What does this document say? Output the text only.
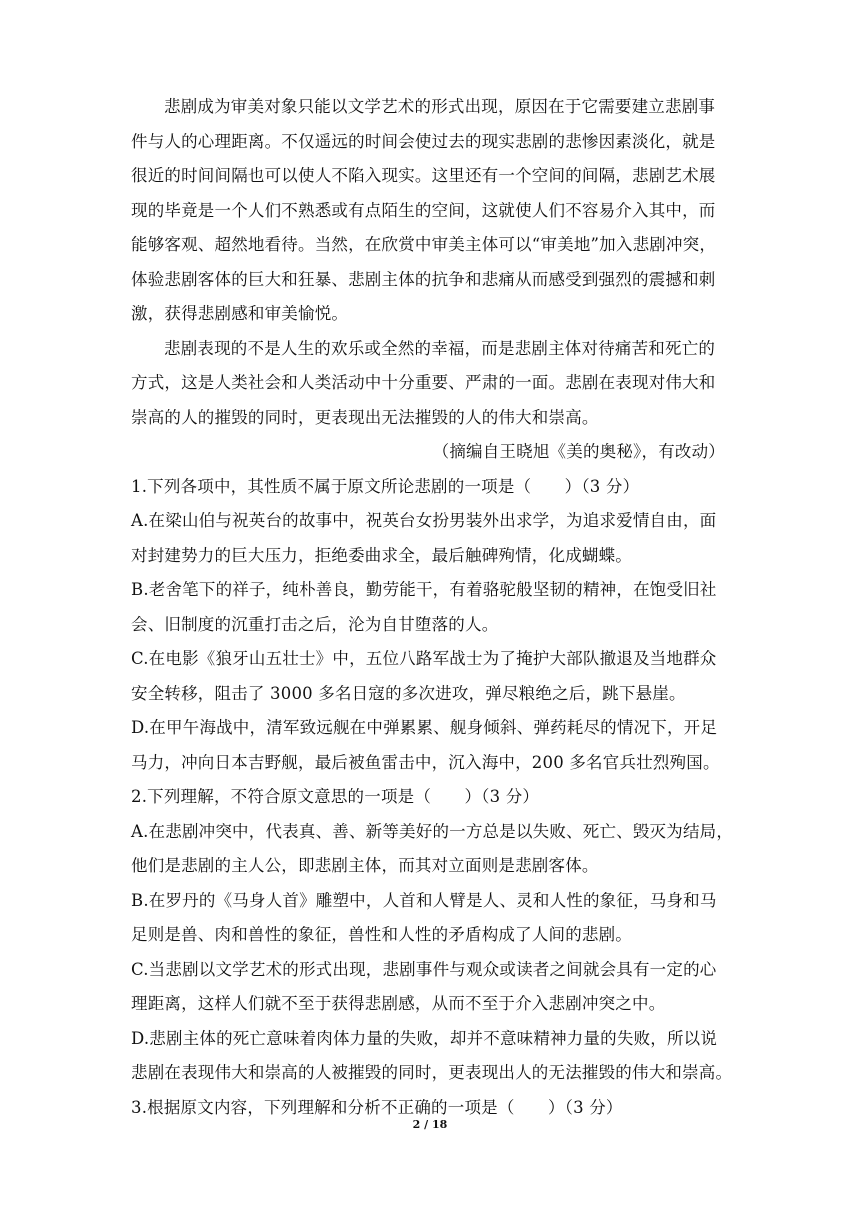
悲剧成为审美对象只能以文学艺术的形式出现，原因在于它需要建立悲剧事
件与人的心理距离。不仅遥远的时间会使过去的现实悲剧的悲惨因素淡化，就是
很近的时间间隔也可以使人不陷入现实。这里还有一个空间的间隔，悲剧艺术展
现的毕竟是一个人们不熟悉或有点陌生的空间，这就使人们不容易介入其中，而
能够客观、超然地看待。当然，在欣赏中审美主体可以“审美地”加入悲剧冲突，
体验悲剧客体的巨大和狂暴、悲剧主体的抗争和悲痛从而感受到强烈的震撼和刺
激，获得悲剧感和审美愉悦。
悲剧表现的不是人生的欢乐或全然的幸福，而是悲剧主体对待痛苦和死亡的
方式，这是人类社会和人类活动中十分重要、严肃的一面。悲剧在表现对伟大和
崇高的人的摧毁的同时，更表现出无法摧毁的人的伟大和崇高。
（摘编自王晓旭《美的奥秘》，有改动）
1.下列各项中，其性质不属于原文所论悲剧的一项是（　　）（3 分）
A.在梁山伯与祝英台的故事中，祝英台女扮男装外出求学，为追求爱情自由，面
对封建势力的巨大压力，拒绝委曲求全，最后触碑殉情，化成蝴蝶。
B.老舍笔下的祥子，纯朴善良，勤劳能干，有着骆驼般坚韧的精神，在饱受旧社
会、旧制度的沉重打击之后，沦为自甘堕落的人。
C.在电影《狼牙山五壮士》中，五位八路军战士为了掩护大部队撤退及当地群众
安全转移，阻击了 3000 多名日寇的多次进攻，弹尽粮绝之后，跳下悬崖。
D.在甲午海战中，清军致远舰在中弹累累、舰身倾斜、弹药耗尽的情况下，开足
马力，冲向日本吉野舰，最后被鱼雷击中，沉入海中，200 多名官兵壮烈殉国。
2.下列理解，不符合原文意思的一项是（　　）（3 分）
A.在悲剧冲突中，代表真、善、新等美好的一方总是以失败、死亡、毁灭为结局，
他们是悲剧的主人公，即悲剧主体，而其对立面则是悲剧客体。
B.在罗丹的《马身人首》雕塑中，人首和人臂是人、灵和人性的象征，马身和马
足则是兽、肉和兽性的象征，兽性和人性的矛盾构成了人间的悲剧。
C.当悲剧以文学艺术的形式出现，悲剧事件与观众或读者之间就会具有一定的心
理距离，这样人们就不至于获得悲剧感，从而不至于介入悲剧冲突之中。
D.悲剧主体的死亡意味着肉体力量的失败，却并不意味精神力量的失败，所以说
悲剧在表现伟大和崇高的人被摧毁的同时，更表现出人的无法摧毁的伟大和崇高。
3.根据原文内容，下列理解和分析不正确的一项是（　　）（3 分）
2 / 18
